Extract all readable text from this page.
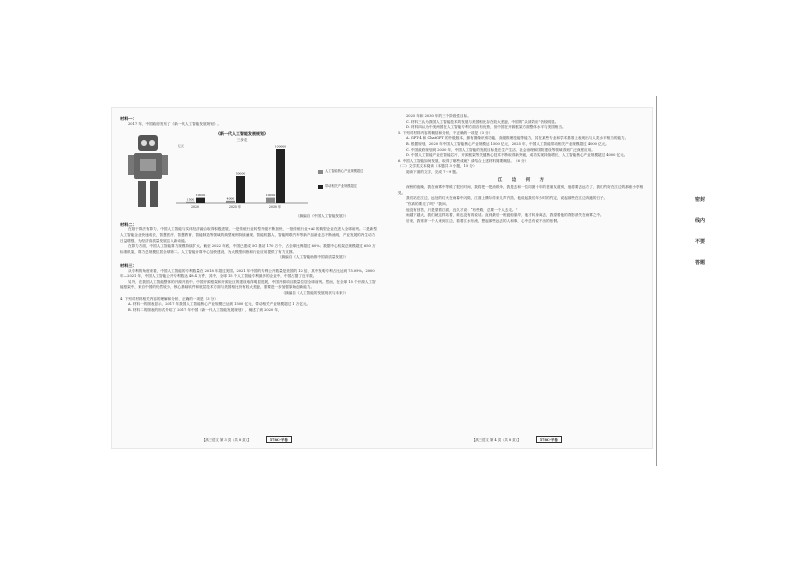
材料一：
2017 年，中国政府发布了《新一代人工智能发展规划》。
《新一代人工智能发展规划》
三步走
亿元
1500
10000
2020
4000
50000
2025 年
10000
100000
2030 年
人工智能核心产业规模超过
带动相关产业规模超过
（摘编自《中国人工智能发展》）
材料二：
在基于算法有算力，中国人工智能与实体经济融合取得积极进展，一是传统行业转型升级不断加快，一批传统行业+AI 的典型企业在进入全球前列。二是新型人工智能企业快速成长，智慧医疗、智慧教育、智能制造等领域的典型案例持续涌现，智能机器人、智能网联汽车等新产品新业态不断涌现，产业发展的内生动力日益增强，为经济高质量发展注入新动能。
在算力方面，中国人工智能算力规模持续扩大。截至 2022 年底，中国已建成 5G 基站 170 万个，占全球比例超过 60%；数据中心机架总规模超过 650 万标准机架，算力总规模位居全球第二。人工智能计算中心加快建设，为大模型训练和行业应用提供了有力支撑。
（摘编自《人工智能助推中国高质量发展》）
材料三：
从专利的角度来看，中国人工智能的专利数量在 2018 年超过美国。2021 年中国的专利公开数量是美国的 12 倍，其中发明专利占比达到 75.09%。2000 年—2021 年，中国人工智能公开专利数达 48.4 万件，其中，全球 15 个人工智能专利最多的企业中，中国占据了近半数。
另外，在我国人工智能整体的开源开放中，中国开源框架和开源社区的建设取得明显进展，中国开源项目数量位居全球前列。然而，在全球 15 个开源人工智能框架中，来自中国的仍然较少，核心基础软件和底层技术方面与美国相比仍有较大差距，需要进一步加强原始创新能力。
（摘编自《人工智能的发展现状与未来》）
4. 下列对材料相关内容的理解和分析，正确的一项是（3 分）
A. 材料一的图表显示，2017 年我国人工智能核心产业规模已达到 1500 亿元，带动相关产业规模超过 1 万亿元。
B. 材料二的图表的形式介绍了 2017 年中国《新一代人工智能发展规划》，阐述了到 2020 年，
2025 年和 2030 年的三个阶段性目标。
C. 材料三认为我国人工智能技术的发展与美国相比存在较大差距，中国的“头部效应”仍较明显。
D. 材料四认为中美两国在人工智能专利方面各有优势，但中国在开源框架方面整体水平与美国相当。
5. 下列对材料内容的概括和分析，不正确的一项是（3 分）
A. GPT-4 和 ChatGPT 的升级版本，拥有图像识别功能，高级推理技能等能力，其在某些专业和学术基准上表现出与人类水平相当的能力。
B. 根据规划，2020 年中国人工智能核心产业规模达 1500 亿元，2025 年，中国人工智能带动相关产业规模超过 4000 亿元。
C. 中国政府规划到 2030 年，中国人工智能的发展目标是在生产生活、社会治理和国防建设等领域得到广泛深度应用。
D. 中国人工智能产业在智能芯片、开源框架等关键核心技术不断取得新突破，成功实现持续增长，人工智能核心产业规模超过 4000 亿元。
6. 中国人工智能如何发展，取得了哪些成就？请结合上述材料简要概括。（6 分）
（二）文学类文本阅读（本题共 3 小题，15 分）
阅读下面的文字，完成 7～9 题。
江 边 何 方
深秋的夜晚，我在雨雾中等候了很长时间，我将把一把油纸伞，我是去和一位同窗十年的老朋友道别，他将要去远方了，我们约好在江边的那座小亭相见。
我们站在江边，远处的灯火在雨幕中闪烁，江面上偶尔传来几声汽笛，他说起我们年少时的约定，说起那些在江边奔跑的日子。
“你真的要走了吗？”我问。
他没有回答，只是望着江面，良久才说：“有些路，总要一个人去走。”
雨越下越大，我们就这样站着，谁也没有再说话。直到最后一班渡船靠岸，他才转身离去，我望着他的背影消失在雨雾之中。
后来，我常常一个人来到江边，看着江水东流，想起那些远去的人和事，心中总有说不出的怅惘。
【高三语文 第 3 页（共 8 页）】	578C-平卷	【高三语文 第 4 页（共 8 页）】	578C-平卷
密封线内不要答题
